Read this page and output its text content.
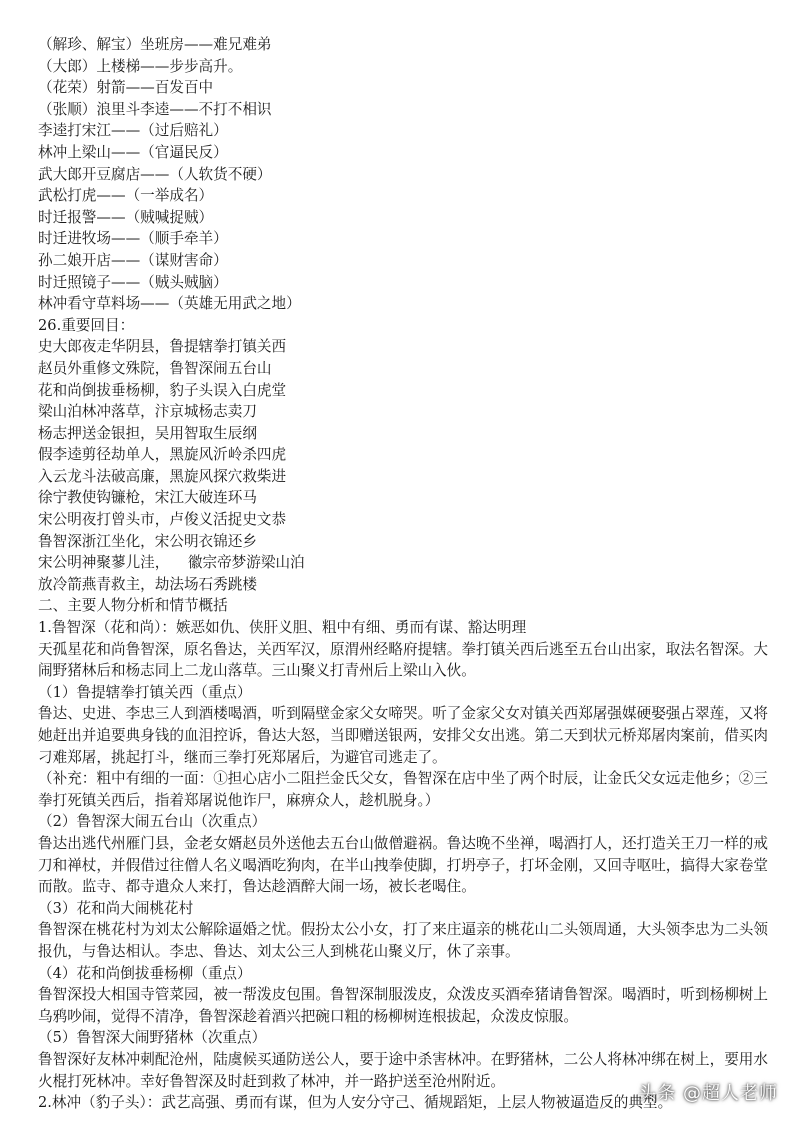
（解珍、解宝）坐班房——难兄难弟
（大郎）上楼梯——步步高升。
（花荣）射箭——百发百中
（张顺）浪里斗李逵——不打不相识
李逵打宋江——（过后赔礼）
林冲上梁山——（官逼民反）
武大郎开豆腐店——（人软货不硬）
武松打虎——（一举成名）
时迁报警——（贼喊捉贼）
时迁进牧场——（顺手牵羊）
孙二娘开店——（谋财害命）
时迁照镜子——（贼头贼脑）
林冲看守草料场——（英雄无用武之地）
26.重要回目：
史大郎夜走华阴县，鲁提辖拳打镇关西
赵员外重修文殊院，鲁智深闹五台山
花和尚倒拔垂杨柳，豹子头误入白虎堂
梁山泊林冲落草，汴京城杨志卖刀
杨志押送金银担，吴用智取生辰纲
假李逵剪径劫单人，黑旋风沂岭杀四虎
入云龙斗法破高廉，黑旋风探穴救柴进
徐宁教使钩镰枪，宋江大破连环马
宋公明夜打曾头市，卢俊义活捉史文恭
鲁智深浙江坐化，宋公明衣锦还乡
宋公明神聚蓼儿洼，    徽宗帝梦游梁山泊
放冷箭燕青救主，劫法场石秀跳楼
二、主要人物分析和情节概括
1.鲁智深（花和尚）：嫉恶如仇、侠肝义胆、粗中有细、勇而有谋、豁达明理
天孤星花和尚鲁智深，原名鲁达，关西军汉，原渭州经略府提辖。拳打镇关西后逃至五台山出家，取法名智深。大闹野猪林后和杨志同上二龙山落草。三山聚义打青州后上梁山入伙。
（1）鲁提辖拳打镇关西（重点）
鲁达、史进、李忠三人到酒楼喝酒，听到隔壁金家父女啼哭。听了金家父女对镇关西郑屠强媒硬娶强占翠莲，又将她赶出并追要典身钱的血泪控诉，鲁达大怒，当即赠送银两，安排父女出逃。第二天到状元桥郑屠肉案前，借买肉刁难郑屠，挑起打斗，继而三拳打死郑屠后，为避官司逃走了。
（补充：粗中有细的一面：①担心店小二阻拦金氏父女，鲁智深在店中坐了两个时辰，让金氏父女远走他乡；②三拳打死镇关西后，指着郑屠说他诈尸，麻痹众人，趁机脱身。）
（2）鲁智深大闹五台山（次重点）
鲁达出逃代州雁门县，金老女婿赵员外送他去五台山做僧避祸。鲁达晚不坐禅，喝酒打人，还打造关王刀一样的戒刀和禅杖，并假借过往僧人名义喝酒吃狗肉，在半山拽拳使脚，打坍亭子，打坏金刚，又回寺呕吐，搞得大家卷堂而散。监寺、都寺遣众人来打，鲁达趁酒醉大闹一场，被长老喝住。
（3）花和尚大闹桃花村
鲁智深在桃花村为刘太公解除逼婚之忧。假扮太公小女，打了来庄逼亲的桃花山二头领周通，大头领李忠为二头领报仇，与鲁达相认。李忠、鲁达、刘太公三人到桃花山聚义厅，休了亲事。
（4）花和尚倒拔垂杨柳（重点）
鲁智深投大相国寺管菜园，被一帮泼皮包围。鲁智深制服泼皮，众泼皮买酒牵猪请鲁智深。喝酒时，听到杨柳树上乌鸦吵闹，觉得不清净，鲁智深趁着酒兴把碗口粗的杨柳树连根拔起，众泼皮惊服。
（5）鲁智深大闹野猪林（次重点）
鲁智深好友林冲刺配沧州，陆虞候买通防送公人，要于途中杀害林冲。在野猪林，二公人将林冲绑在树上，要用水火棍打死林冲。幸好鲁智深及时赶到救了林冲，并一路护送至沧州附近。
2.林冲（豹子头）：武艺高强、勇而有谋，但为人安分守己、循规蹈矩，上层人物被逼造反的典型。
头条 @超人老师
